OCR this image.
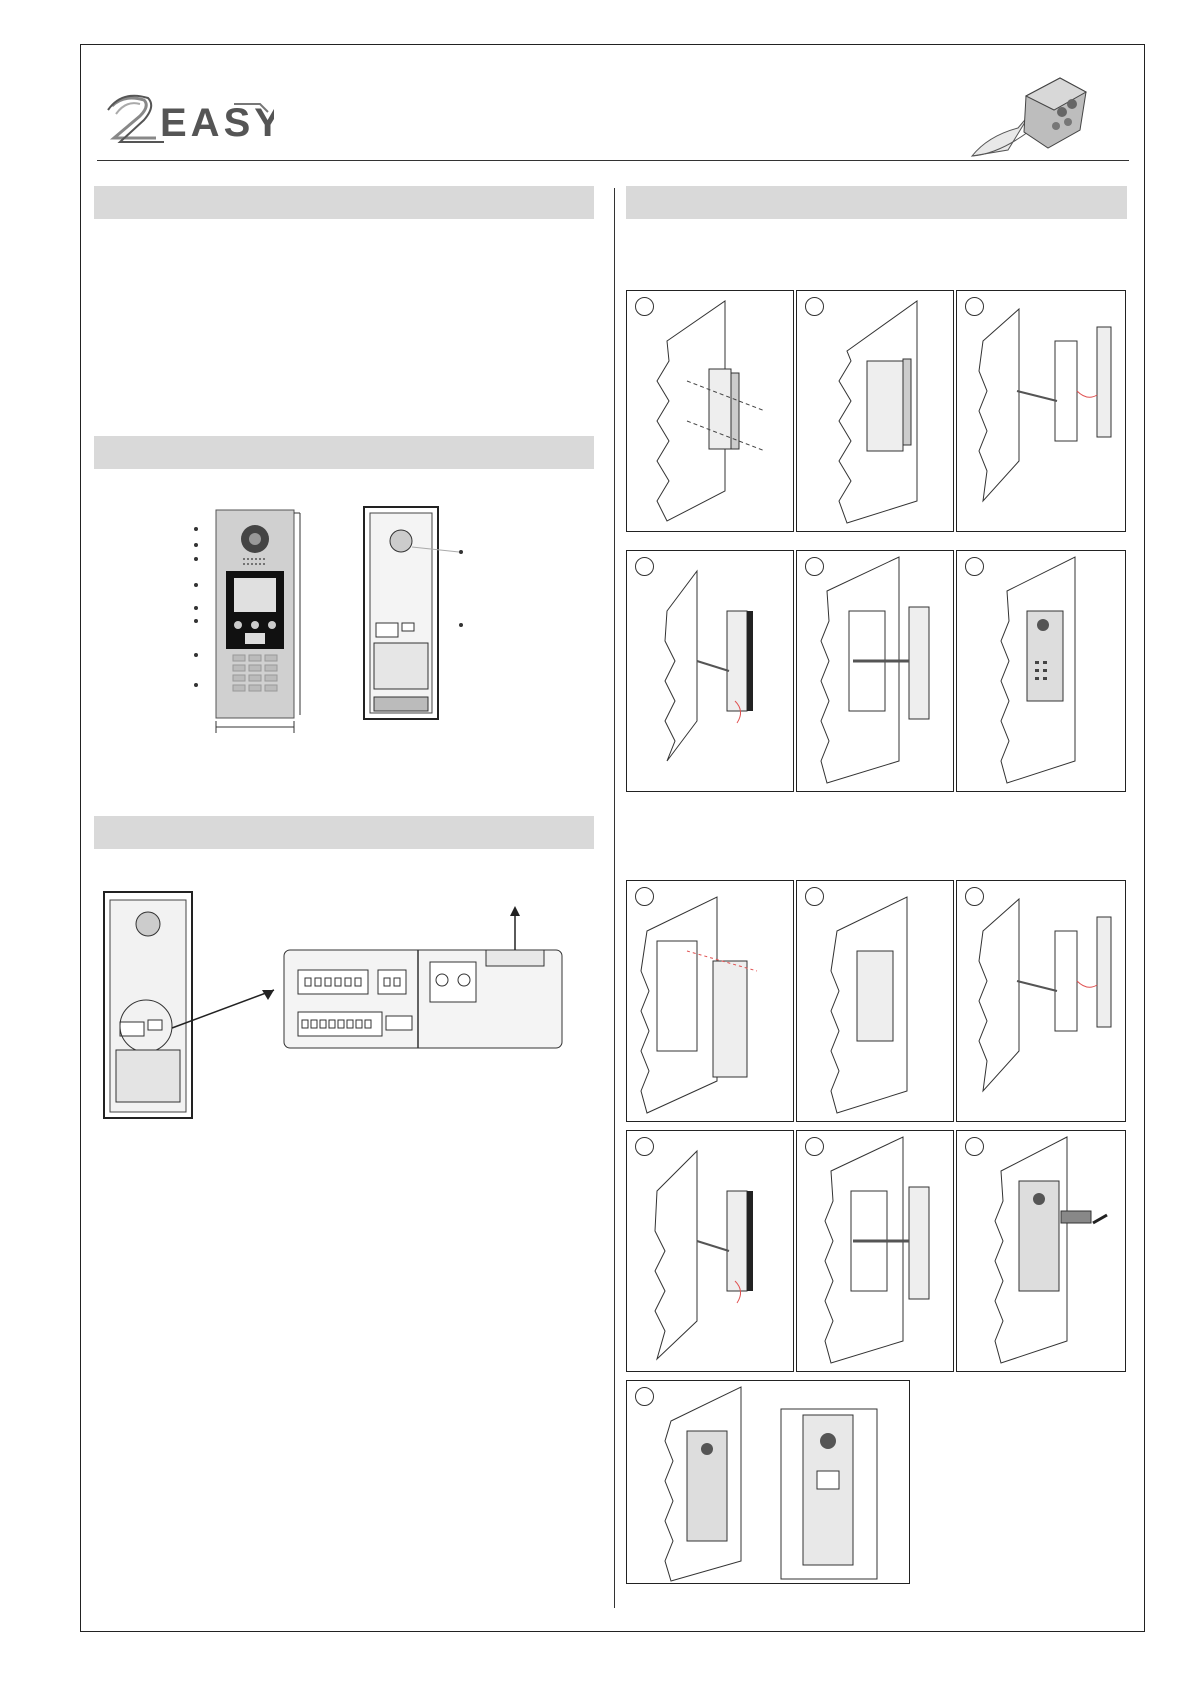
EASY
